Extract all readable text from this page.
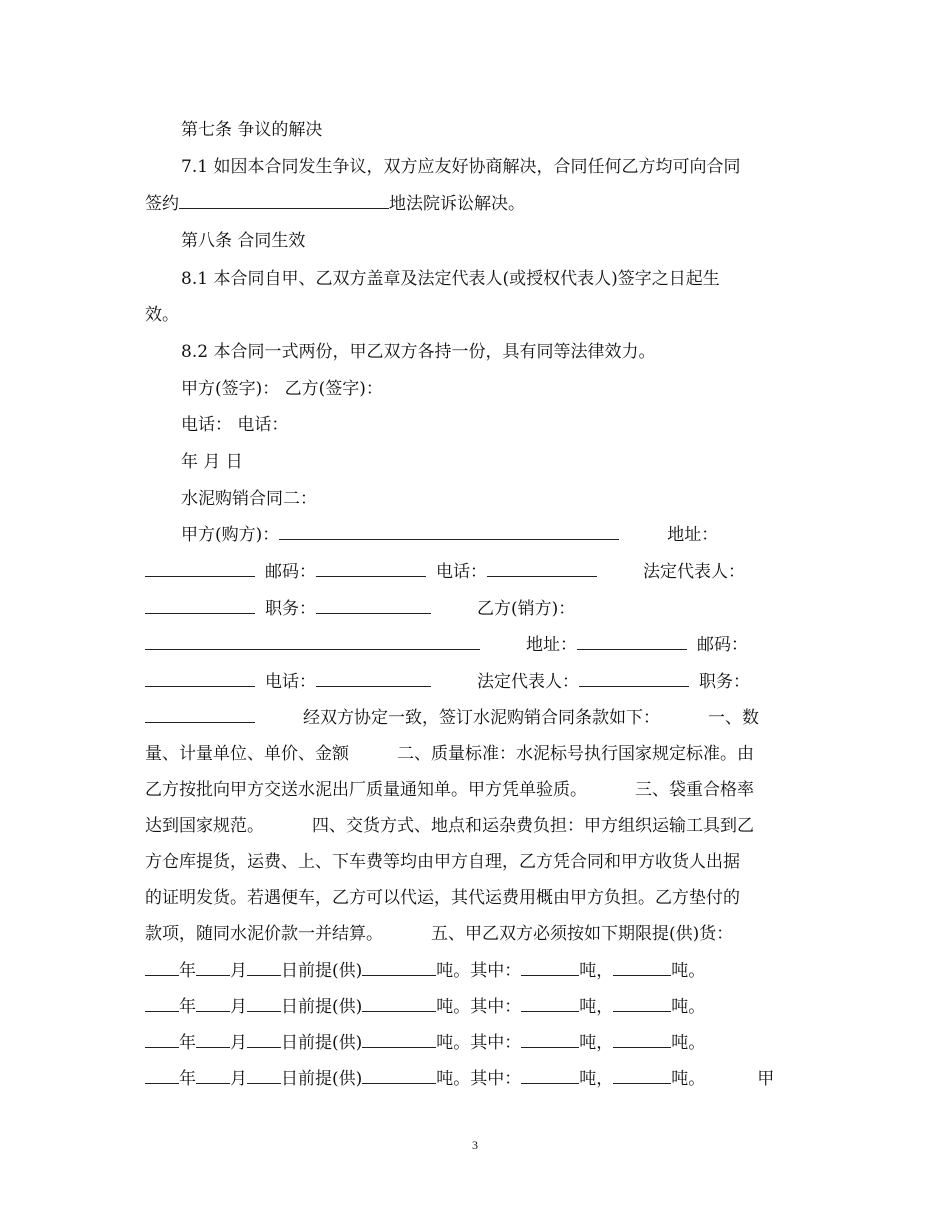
第七条 争议的解决
7.1 如因本合同发生争议，双方应友好协商解决，合同任何乙方均可向合同
签约	地法院诉讼解决。
第八条 合同生效
8.1 本合同自甲、乙双方盖章及法定代表人(或授权代表人)签字之日起生
效。
8.2 本合同一式两份，甲乙双方各持一份，具有同等法律效力。
甲方(签字)： 乙方(签字)：
电话： 电话：
年 月 日
水泥购销合同二：
甲方(购方)：	地址：
邮码：	电话：	法定代表人：
职务：	乙方(销方)：
地址：	邮码：
电话：	法定代表人：	职务：
经双方协定一致，签订水泥购销合同条款如下：	一、数
量、计量单位、单价、金额	二、质量标准：水泥标号执行国家规定标准。由
乙方按批向甲方交送水泥出厂质量通知单。甲方凭单验质。	三、袋重合格率
达到国家规范。	四、交货方式、地点和运杂费负担：甲方组织运输工具到乙
方仓库提货，运费、上、下车费等均由甲方自理，乙方凭合同和甲方收货人出据
的证明发货。若遇便车，乙方可以代运，其代运费用概由甲方负担。乙方垫付的
款项，随同水泥价款一并结算。	五、甲乙双方必须按如下期限提(供)货：
年 月 日前提(供)	吨。其中：	吨，	吨。
年 月 日前提(供)	吨。其中：	吨，	吨。
年 月 日前提(供)	吨。其中：	吨，	吨。
年 月 日前提(供)	吨。其中：	吨，	吨。	甲
3
